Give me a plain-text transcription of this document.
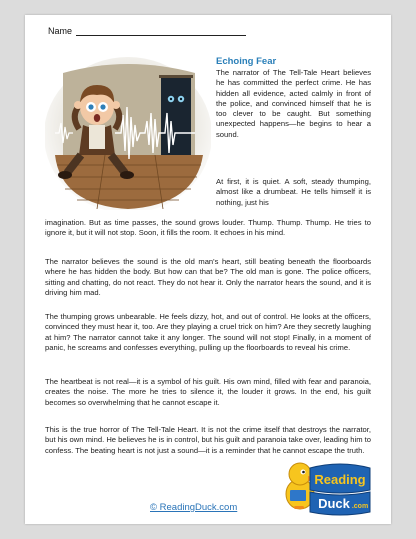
Name
Echoing Fear

The narrator of The Tell-Tale Heart believes he has committed the perfect crime. He has hidden all evidence, acted calmly in front of the police, and convinced himself that he is too clever to be caught. But something unexpected happens—he begins to hear a sound.

At first, it is quiet. A soft, steady thumping, almost like a drumbeat. He tells himself it is nothing, just his

imagination. But as time passes, the sound grows louder. Thump. Thump. Thump. He tries to ignore it, but it will not stop. Soon, it fills the room. It echoes in his mind.

The narrator believes the sound is the old man's heart, still beating beneath the floorboards where he has hidden the body. But how can that be? The old man is gone. The police officers, sitting and chatting, do not react. They do not hear it. Only the narrator hears the sound, and it is driving him mad.

The thumping grows unbearable. He feels dizzy, hot, and out of control. He looks at the officers, convinced they must hear it, too. Are they playing a cruel trick on him? Are they secretly laughing at him? The narrator cannot take it any longer. The sound will not stop! Finally, in a moment of panic, he screams and confesses everything, pulling up the floorboards to reveal his crime.

The heartbeat is not real—it is a symbol of his guilt. His own mind, filled with fear and paranoia, creates the noise. The more he tries to silence it, the louder it grows. In the end, his guilt becomes so overwhelming that he cannot escape it.

This is the true horror of The Tell-Tale Heart. It is not the crime itself that destroys the narrator, but his own mind. He believes he is in control, but his guilt and paranoia take over, leading him to confess. The beating heart is not just a sound—it is a reminder that he cannot escape the truth.

© ReadingDuck.com
Reading
Duck .com
